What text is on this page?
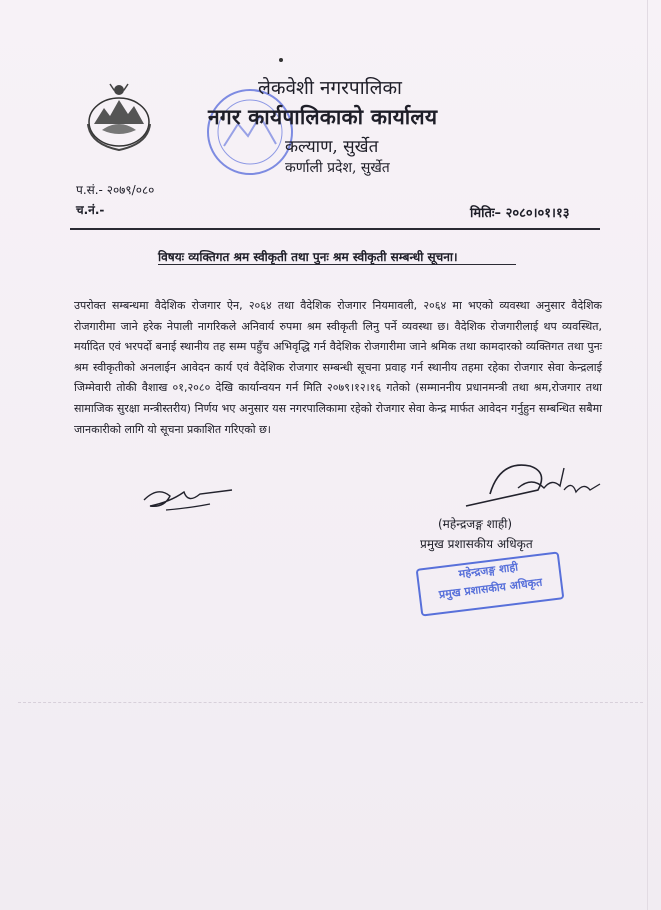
लेकवेशी नगरपालिका
नगर कार्यपालिकाको कार्यालय
कल्याण, सुर्खेत
कर्णाली प्रदेश, सुर्खेत
प.सं.- २०७९/०८०
च.नं.-	मितिः– २०८०।०१।१३
विषयः व्यक्तिगत श्रम स्वीकृती तथा पुनः श्रम स्वीकृती सम्बन्धी सूचना।
उपरोक्त सम्बन्धमा वैदेशिक रोजगार ऐन, २०६४ तथा वैदेशिक रोजगार नियमावली, २०६४ मा भएको व्यवस्था अनुसार वैदेशिक रोजगारीमा जाने हरेक नेपाली नागरिकले अनिवार्य रुपमा श्रम स्वीकृती लिनु पर्ने व्यवस्था छ। वैदेशिक रोजगारीलाई थप व्यवस्थित, मर्यादित एवं भरपर्दो बनाई स्थानीय तह सम्म पहुँच अभिवृद्धि गर्न वैदेशिक रोजगारीमा जाने श्रमिक तथा कामदारको व्यक्तिगत तथा पुनः श्रम स्वीकृतीको अनलाईन आवेदन कार्य एवं वैदेशिक रोजगार सम्बन्धी सूचना प्रवाह गर्न स्थानीय तहमा रहेका रोजगार सेवा केन्द्रलाई जिम्मेवारी तोकी वैशाख ०१,२०८० देखि कार्यान्वयन गर्न मिति २०७९।१२।१६ गतेको (सम्माननीय प्रधानमन्त्री तथा श्रम,रोजगार तथा सामाजिक सुरक्षा मन्त्रीस्तरीय) निर्णय भए अनुसार यस नगरपालिकामा रहेको रोजगार सेवा केन्द्र मार्फत आवेदन गर्नुहुन सम्बन्धित सबैमा जानकारीको लागि यो सूचना प्रकाशित गरिएको छ।
(महेन्द्रजङ्ग शाही)
प्रमुख प्रशासकीय अधिकृत
महेन्द्रजङ्ग शाही
प्रमुख प्रशासकीय अधिकृत
